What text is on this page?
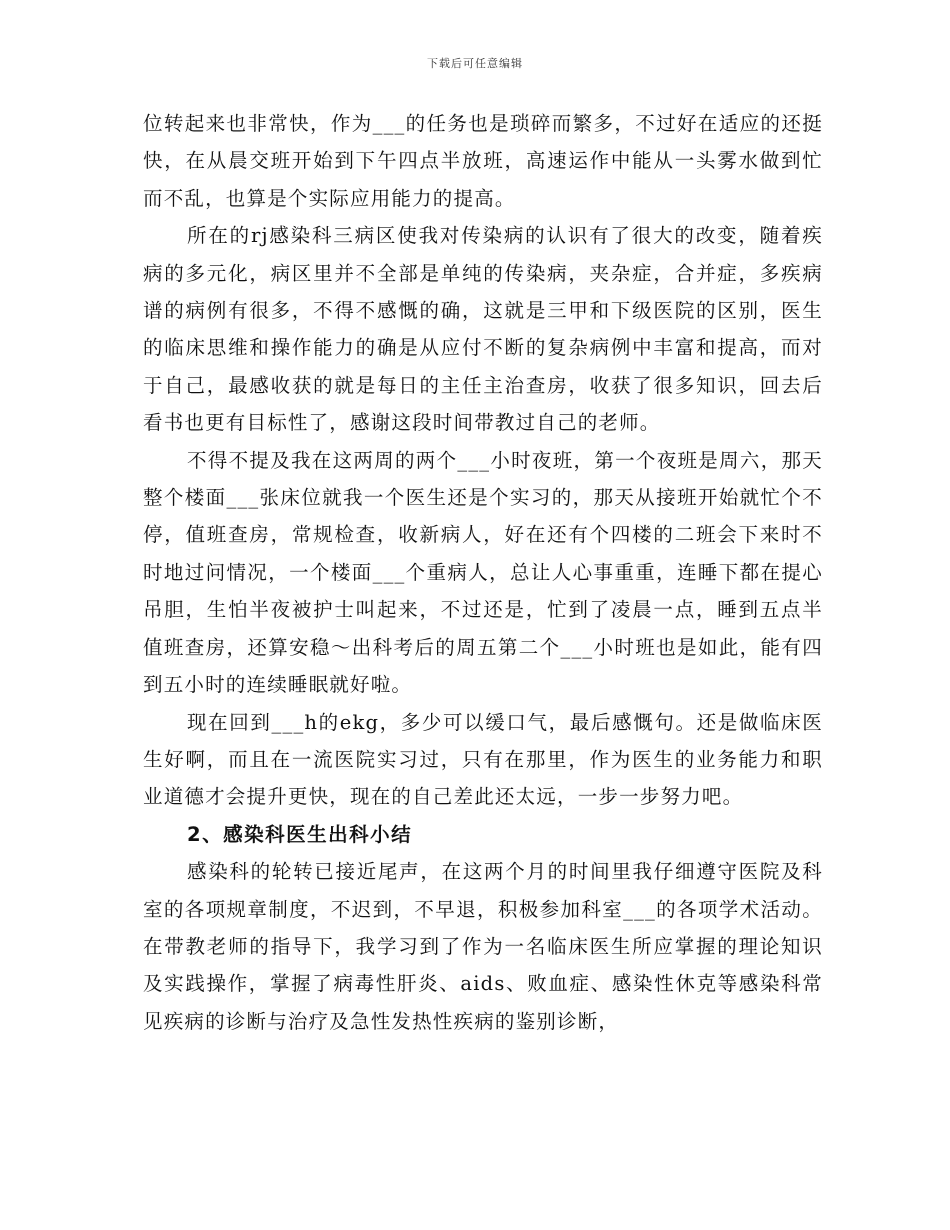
下载后可任意编辑

位转起来也非常快，作为___的任务也是琐碎而繁多，不过好在适应的还挺快，在从晨交班开始到下午四点半放班，高速运作中能从一头雾水做到忙而不乱，也算是个实际应用能力的提高。

所在的rj感染科三病区使我对传染病的认识有了很大的改变，随着疾病的多元化，病区里并不全部是单纯的传染病，夹杂症，合并症，多疾病谱的病例有很多，不得不感慨的确，这就是三甲和下级医院的区别，医生的临床思维和操作能力的确是从应付不断的复杂病例中丰富和提高，而对于自己，最感收获的就是每日的主任主治查房，收获了很多知识，回去后看书也更有目标性了，感谢这段时间带教过自己的老师。

不得不提及我在这两周的两个___小时夜班，第一个夜班是周六，那天整个楼面___张床位就我一个医生还是个实习的，那天从接班开始就忙个不停，值班查房，常规检查，收新病人，好在还有个四楼的二班会下来时不时地过问情况，一个楼面___个重病人，总让人心事重重，连睡下都在提心吊胆，生怕半夜被护士叫起来，不过还是，忙到了凌晨一点，睡到五点半值班查房，还算安稳～出科考后的周五第二个___小时班也是如此，能有四到五小时的连续睡眠就好啦。

现在回到___h的ekg，多少可以缓口气，最后感慨句。还是做临床医生好啊，而且在一流医院实习过，只有在那里，作为医生的业务能力和职业道德才会提升更快，现在的自己差此还太远，一步一步努力吧。

2、感染科医生出科小结

感染科的轮转已接近尾声，在这两个月的时间里我仔细遵守医院及科室的各项规章制度，不迟到，不早退，积极参加科室___的各项学术活动。在带教老师的指导下，我学习到了作为一名临床医生所应掌握的理论知识及实践操作，掌握了病毒性肝炎、aids、败血症、感染性休克等感染科常见疾病的诊断与治疗及急性发热性疾病的鉴别诊断，
